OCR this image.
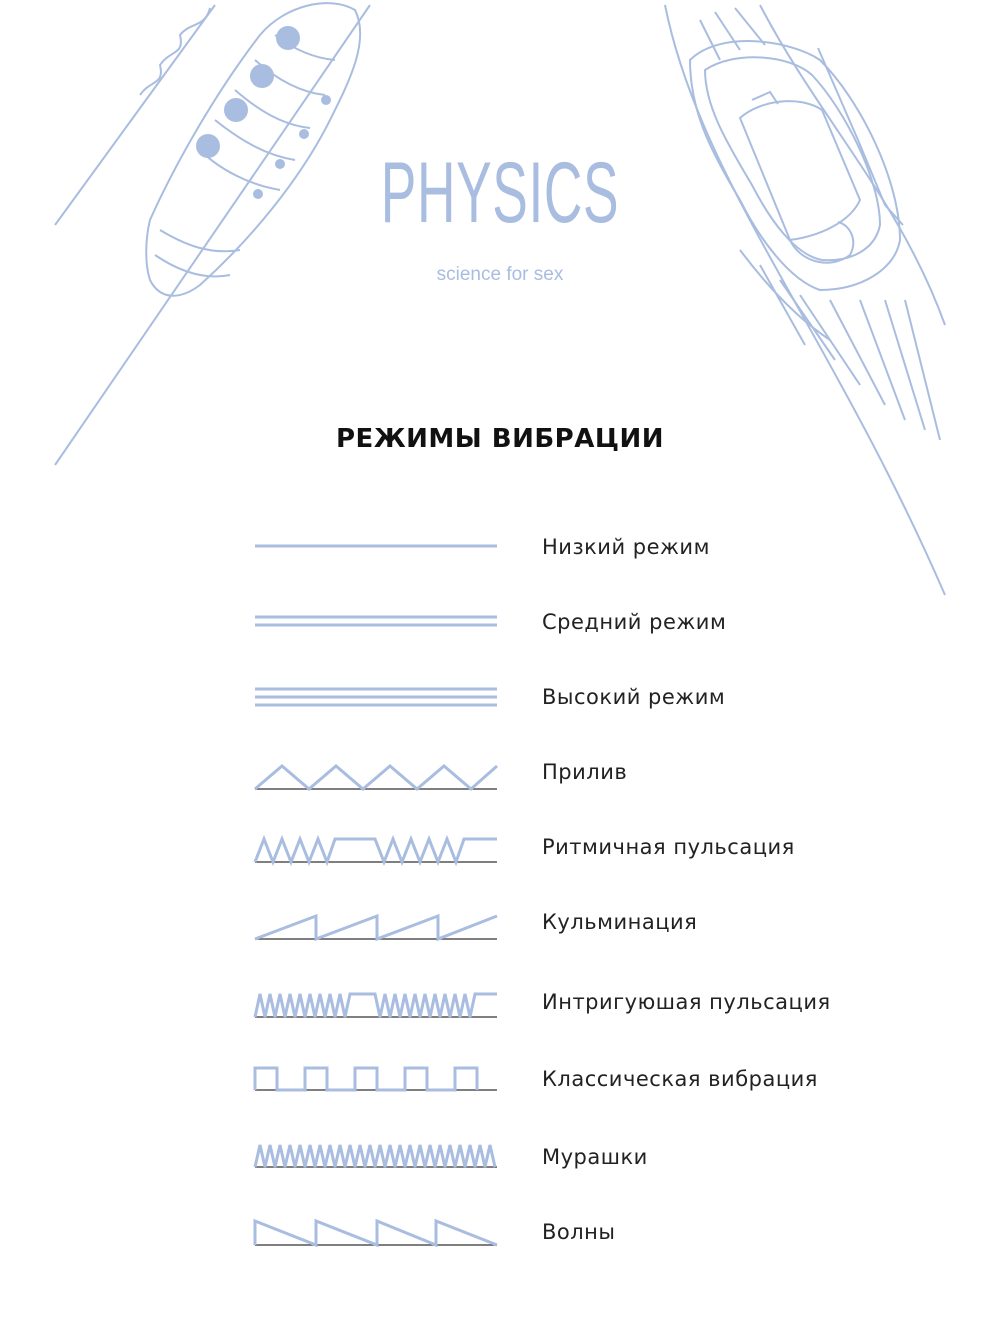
PHYSICS
science for sex
РЕЖИМЫ ВИБРАЦИИ
Низкий режим
Средний режим
Высокий режим
Прилив
Ритмичная пульсация
Кульминация
Интригуюшая пульсация
Классическая вибрация
Мурашки
Волны
